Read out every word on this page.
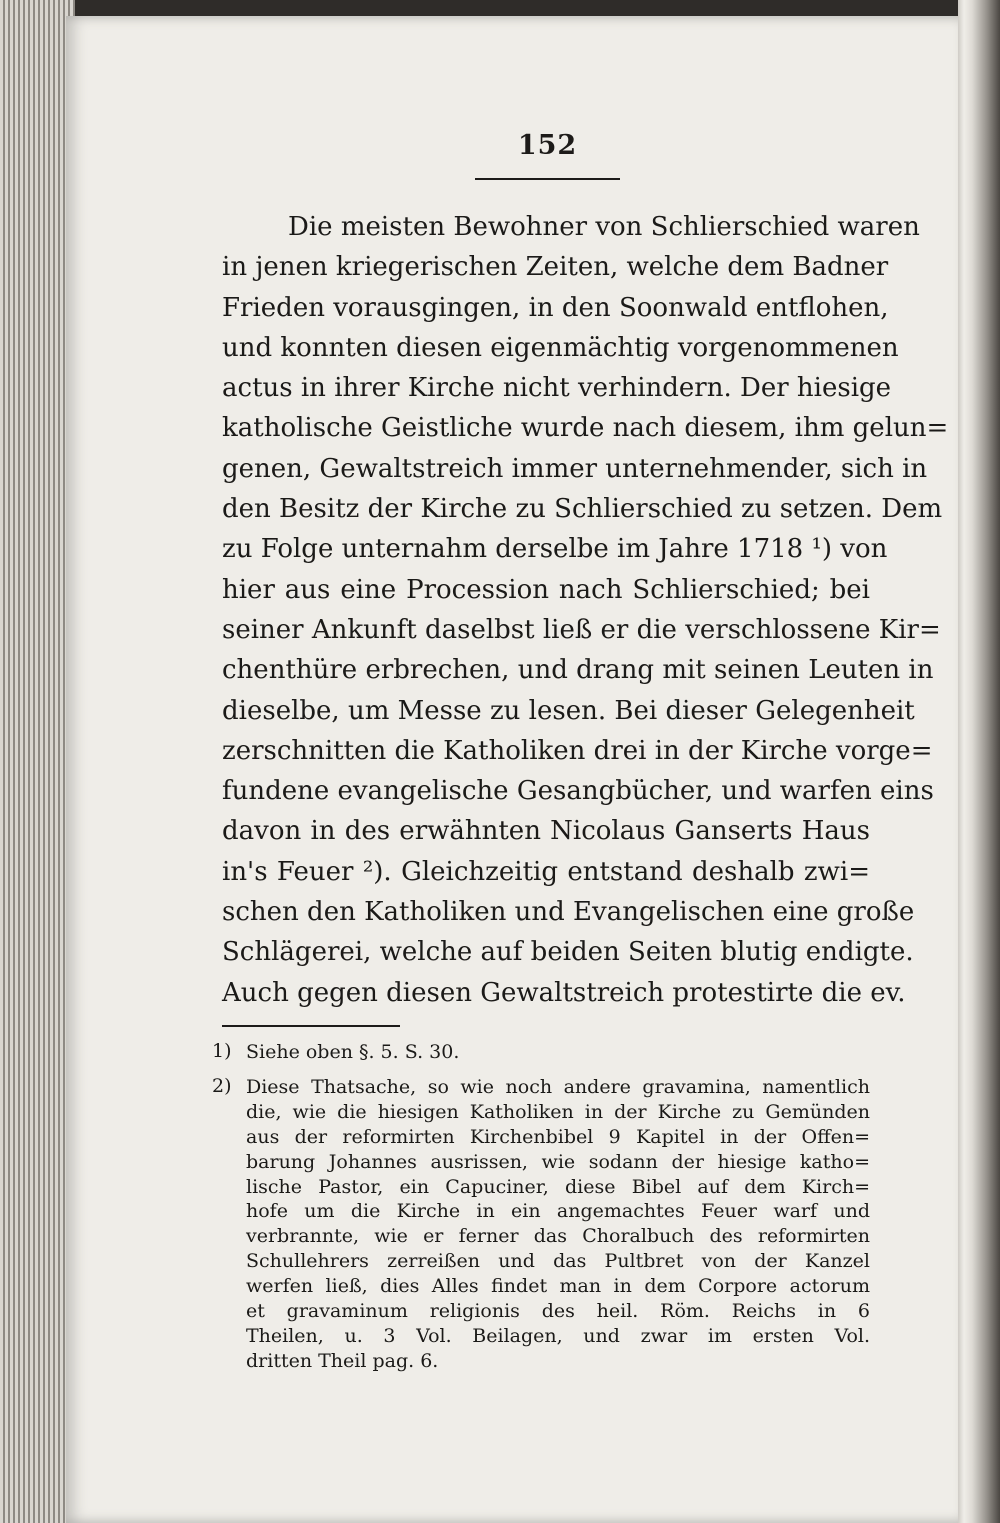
152
Die meisten Bewohner von Schlierschied waren
in jenen kriegerischen Zeiten, welche dem Badner
Frieden vorausgingen, in den Soonwald entflohen,
und konnten diesen eigenmächtig vorgenommenen
actus in ihrer Kirche nicht verhindern. Der hiesige
katholische Geistliche wurde nach diesem, ihm gelun=
genen, Gewaltstreich immer unternehmender, sich in
den Besitz der Kirche zu Schlierschied zu setzen. Dem
zu Folge unternahm derselbe im Jahre 1718 ¹) von
hier aus eine Procession nach Schlierschied; bei
seiner Ankunft daselbst ließ er die verschlossene Kir=
chenthüre erbrechen, und drang mit seinen Leuten in
dieselbe, um Messe zu lesen. Bei dieser Gelegenheit
zerschnitten die Katholiken drei in der Kirche vorge=
fundene evangelische Gesangbücher, und warfen eins
davon in des erwähnten Nicolaus Ganserts Haus
in's Feuer ²). Gleichzeitig entstand deshalb zwi=
schen den Katholiken und Evangelischen eine große
Schlägerei, welche auf beiden Seiten blutig endigte.
Auch gegen diesen Gewaltstreich protestirte die ev.
1) Siehe oben §. 5. S. 30.
2) Diese Thatsache, so wie noch andere gravamina, namentlich
die, wie die hiesigen Katholiken in der Kirche zu Gemünden
aus der reformirten Kirchenbibel 9 Kapitel in der Offen=
barung Johannes ausrissen, wie sodann der hiesige katho=
lische Pastor, ein Capuciner, diese Bibel auf dem Kirch=
hofe um die Kirche in ein angemachtes Feuer warf und
verbrannte, wie er ferner das Choralbuch des reformirten
Schullehrers zerreißen und das Pultbret von der Kanzel
werfen ließ, dies Alles findet man in dem Corpore actorum
et gravaminum religionis des heil. Röm. Reichs in 6
Theilen, u. 3 Vol. Beilagen, und zwar im ersten Vol.
dritten Theil pag. 6.
